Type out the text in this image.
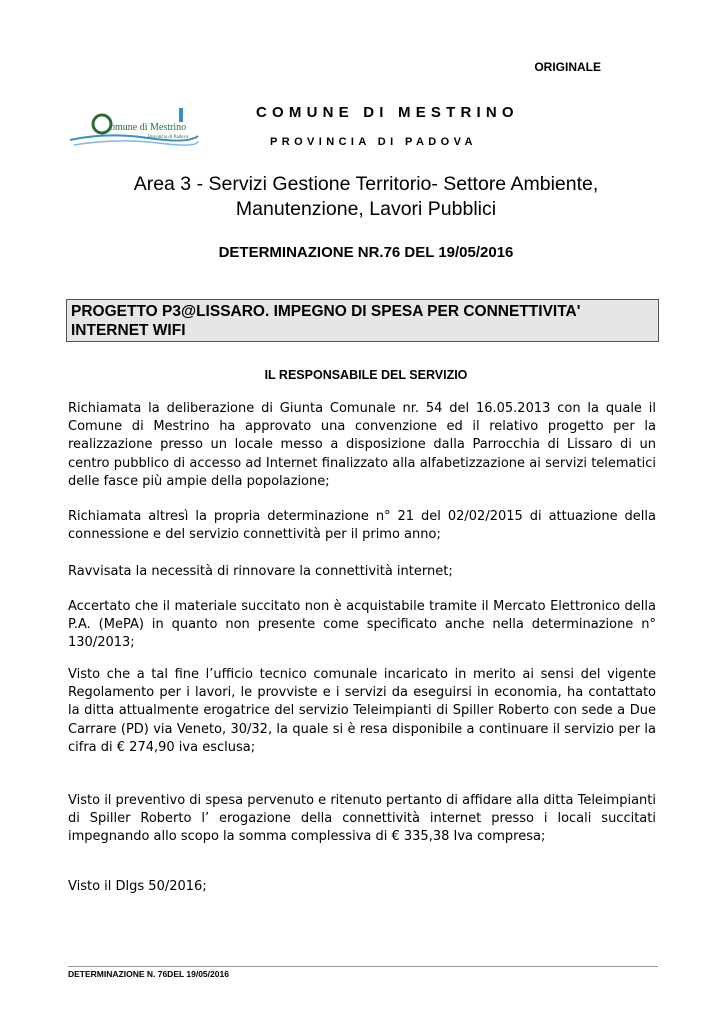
ORIGINALE
omune di Mestrino
Provincia di Padova
COMUNE DI MESTRINO
PROVINCIA DI PADOVA
Area 3 - Servizi Gestione Territorio- Settore Ambiente,
Manutenzione, Lavori Pubblici
DETERMINAZIONE NR.76 DEL 19/05/2016
PROGETTO P3@LISSARO. IMPEGNO DI SPESA PER CONNETTIVITA'
INTERNET WIFI
IL RESPONSABILE DEL SERVIZIO

Richiamata la deliberazione di Giunta Comunale nr. 54 del 16.05.2013 con la quale il Comune di Mestrino ha approvato una convenzione ed il relativo progetto per la realizzazione presso un locale messo a disposizione dalla Parrocchia di Lissaro di un centro pubblico di accesso ad Internet finalizzato alla alfabetizzazione ai servizi telematici delle fasce più ampie della popolazione;

Richiamata altresì la propria determinazione n° 21 del 02/02/2015 di attuazione della connessione e del servizio connettività per il primo anno;

Ravvisata la necessità di rinnovare la connettività internet;

Accertato che il materiale succitato non è acquistabile tramite il Mercato Elettronico della P.A. (MePA) in quanto non presente come specificato anche nella determinazione n° 130/2013;

Visto che a tal fine l’ufficio tecnico comunale incaricato in merito ai sensi del vigente Regolamento per i lavori, le provviste e i servizi da eseguirsi in economia, ha contattato la ditta attualmente erogatrice del servizio Teleimpianti di Spiller Roberto con sede a Due Carrare (PD) via Veneto, 30/32, la quale si è resa disponibile a continuare il servizio per la cifra di € 274,90 iva esclusa;

Visto il preventivo di spesa pervenuto e ritenuto pertanto di affidare alla ditta Teleimpianti di Spiller Roberto l’ erogazione della connettività internet presso i locali succitati impegnando allo scopo la somma complessiva di € 335,38 Iva compresa;

Visto il Dlgs 50/2016;

DETERMINAZIONE N. 76DEL 19/05/2016
